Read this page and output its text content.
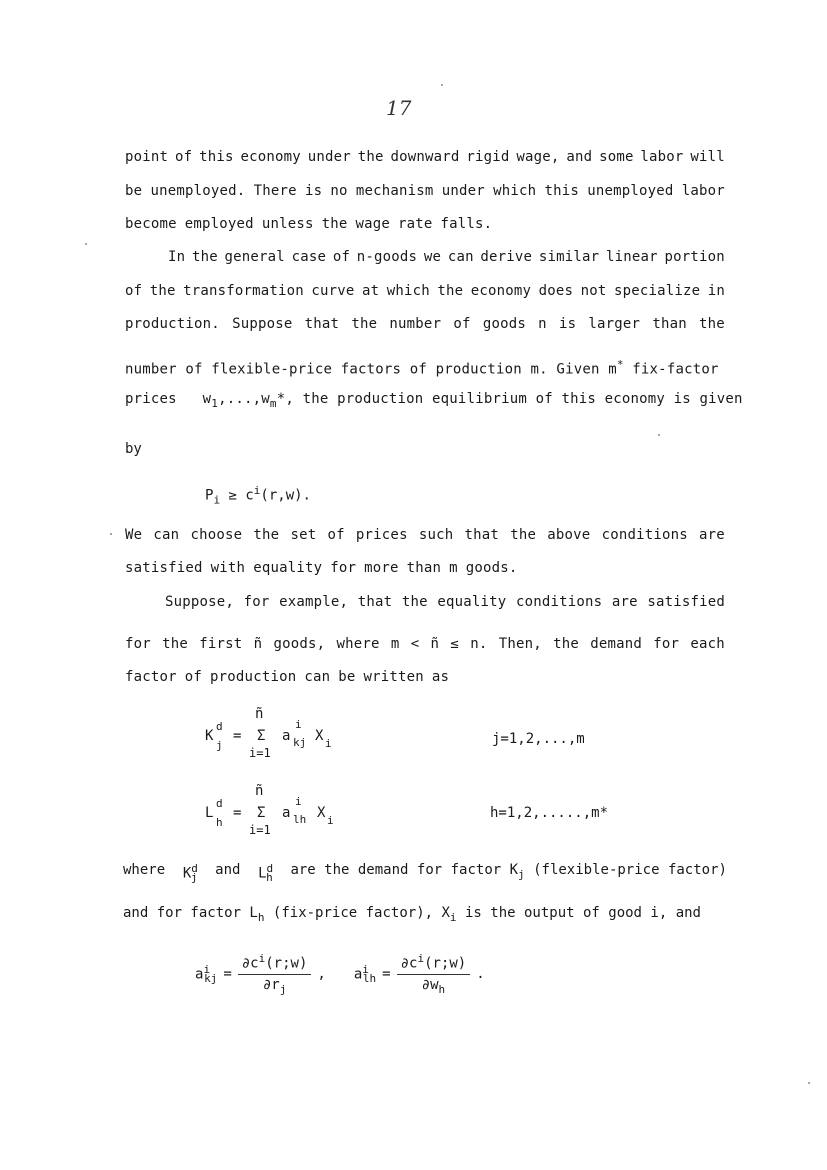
17
point of this economy under the downward rigid wage, and some labor will
be unemployed. There is no mechanism under which this unemployed labor
become employed unless the wage rate falls.
In the general case of n-goods we can derive similar linear portion
of the transformation curve at which the economy does not specialize in
production. Suppose that the number of goods n is larger than the
number of flexible-price factors of production m. Given m* fix-factor
prices   $w_1,...,w_m*$, the production equilibrium of this economy is given
by
$P_i \ge c^i(r,w)$.
We can choose the set of prices such that the above conditions are
satisfied with equality for more than m goods.
Suppose, for example, that the equality conditions are satisfied
for the first ñ goods, where m < ñ ≤ n. Then, the demand for each
factor of production can be written as
K
d
j
=
ñ
Σ
i=1
a
i
kj X i	j=1,2,...,m
L
d
h
=
ñ
Σ
i=1
a
i
lh X i	h=1,2,.....,m*
where $K^d_j$ and $L^d_h$ are the demand for factor $K_j$ (flexible-price factor)
and for factor $L_h$ (fix-price factor), $X_i$ is the output of good i, and
$a^i_{kj} = \frac{\partial c^i(r;w)}{\partial r_j}$ , $a^i_{lh} = \frac{\partial c^i(r;w)}{\partial w_h}$ .
